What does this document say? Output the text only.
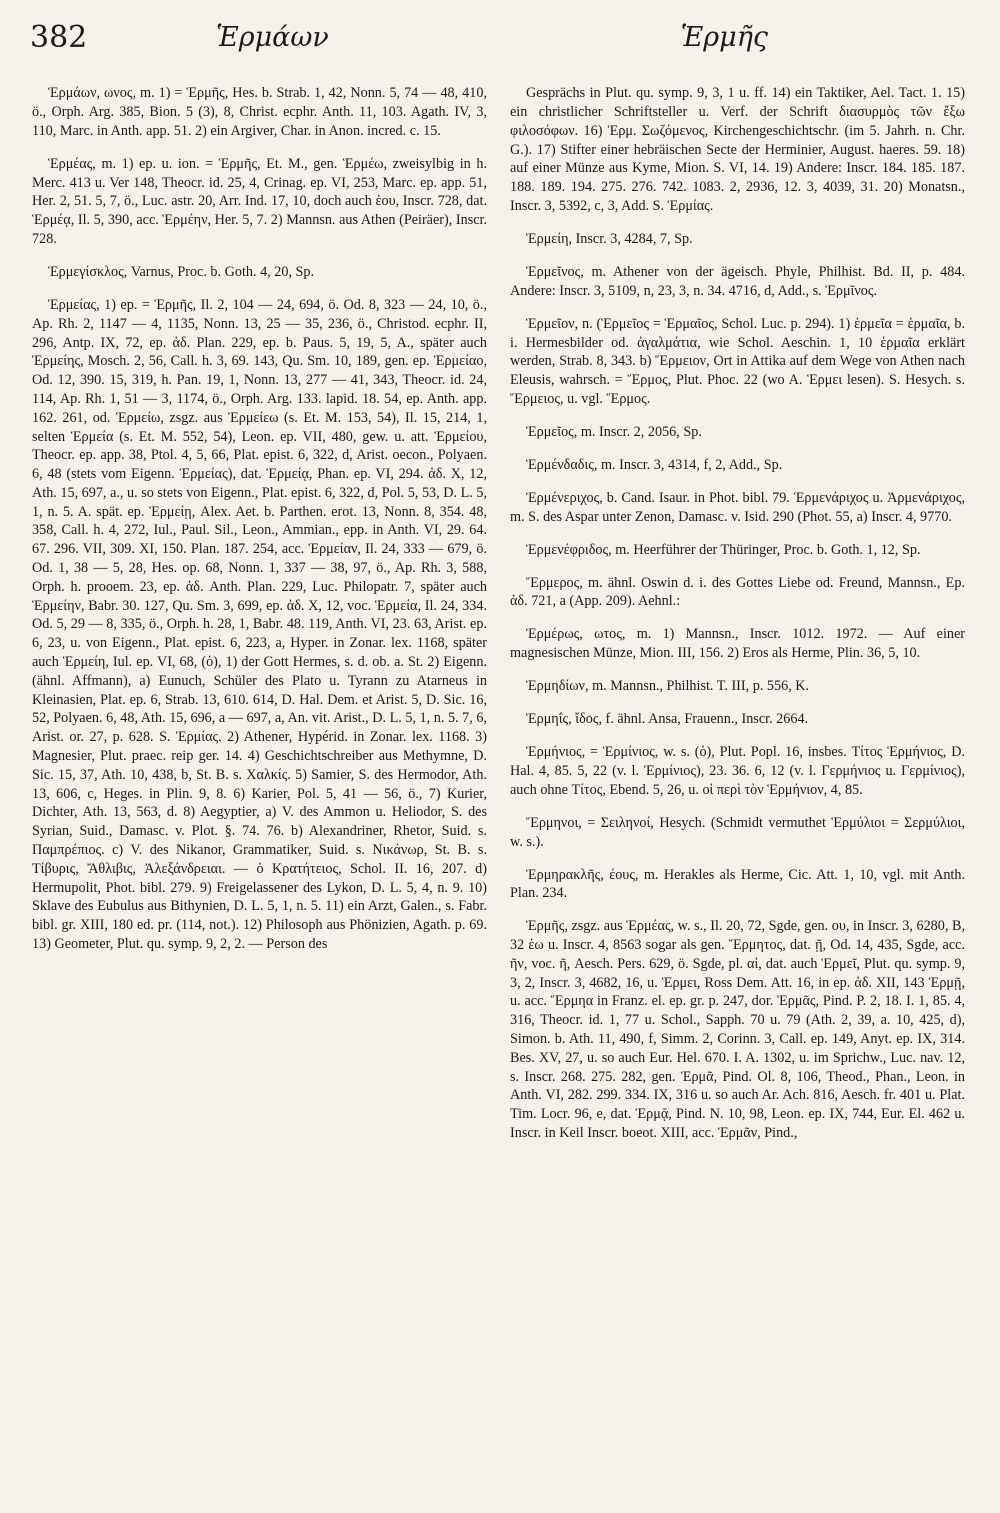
382	Ἑρμάων	Ἑρμῆς

Ἑρμάων, ωνος, m. 1) = Ἑρμῆς, Hes. b. Strab. 1, 42, Nonn. 5, 74 — 48, 410, ö., Orph. Arg. 385, Bion. 5 (3), 8, Christ. ecphr. Anth. 11, 103. Agath. IV, 3, 110, Marc. in Anth. app. 51. 2) ein Argiver, Char. in Anon. incred. c. 15.

Ἑρμέας, m. 1) ep. u. ion. = Ἑρμῆς, Et. M., gen. Ἑρμέω, zweisylbig in h. Merc. 413 u. Ver 148, Theocr. id. 25, 4, Crinag. ep. VI, 253, Marc. ep. app. 51, Her. 2, 51. 5, 7, ö., Luc. astr. 20, Arr. Ind. 17, 10, doch auch ἑου, Inscr. 728, dat. Ἑρμέᾳ, Il. 5, 390, acc. Ἑρμέην, Her. 5, 7. 2) Mannsn. aus Athen (Peiräer), Inscr. 728.

Ἑρμεγίσκλος, Varnus, Proc. b. Goth. 4, 20, Sp.

Ἑρμείας, 1) ep. = Ἑρμῆς, Il. 2, 104 — 24, 694, ö. Od. 8, 323 — 24, 10, ö., Ap. Rh. 2, 1147 — 4, 1135, Nonn. 13, 25 — 35, 236, ö., Christod. ecphr. II, 296, Antp. IX, 72, ep. ἀδ. Plan. 229, ep. b. Paus. 5, 19, 5, A., später auch Ἑρμείης, Mosch. 2, 56, Call. h. 3, 69. 143, Qu. Sm. 10, 189, gen. ep. Ἑρμείαο, Od. 12, 390. 15, 319, h. Pan. 19, 1, Nonn. 13, 277 — 41, 343, Theocr. id. 24, 114, Ap. Rh. 1, 51 — 3, 1174, ö., Orph. Arg. 133. lapid. 18. 54, ep. Anth. app. 162. 261, od. Ἑρμείω, zsgz. aus Ἑρμείεω (s. Et. M. 153, 54), Il. 15, 214, 1, selten Ἑρμεία (s. Et. M. 552, 54), Leon. ep. VII, 480, gew. u. att. Ἑρμείου, Theocr. ep. app. 38, Ptol. 4, 5, 66, Plat. epist. 6, 322, d, Arist. oecon., Polyaen. 6, 48 (stets vom Eigenn. Ἑρμείας), dat. Ἑρμείᾳ, Phan. ep. VI, 294. ἀδ. X, 12, Ath. 15, 697, a., u. so stets von Eigenn., Plat. epist. 6, 322, d, Pol. 5, 53, D. L. 5, 1, n. 5. A. spät. ep. Ἑρμείῃ, Alex. Aet. b. Parthen. erot. 13, Nonn. 8, 354. 48, 358, Call. h. 4, 272, Iul., Paul. Sil., Leon., Ammian., epp. in Anth. VI, 29. 64. 67. 296. VII, 309. XI, 150. Plan. 187. 254, acc. Ἑρμείαν, Il. 24, 333 — 679, ö. Od. 1, 38 — 5, 28, Hes. op. 68, Nonn. 1, 337 — 38, 97, ö., Ap. Rh. 3, 588, Orph. h. prooem. 23, ep. ἀδ. Anth. Plan. 229, Luc. Philopatr. 7, später auch Ἑρμείην, Babr. 30. 127, Qu. Sm. 3, 699, ep. ἀδ. X, 12, voc. Ἑρμεία, Il. 24, 334. Od. 5, 29 — 8, 335, ö., Orph. h. 28, 1, Babr. 48. 119, Anth. VI, 23. 63, Arist. ep. 6, 23, u. von Eigenn., Plat. epist. 6, 223, a, Hyper. in Zonar. lex. 1168, später auch Ἑρμείη, Iul. ep. VI, 68, (ὁ), 1) der Gott Hermes, s. d. ob. a. St. 2) Eigenn. (ähnl. Affmann), a) Eunuch, Schüler des Plato u. Tyrann zu Atarneus in Kleinasien, Plat. ep. 6, Strab. 13, 610. 614, D. Hal. Dem. et Arist. 5, D. Sic. 16, 52, Polyaen. 6, 48, Ath. 15, 696, a — 697, a, An. vit. Arist., D. L. 5, 1, n. 5. 7, 6, Arist. or. 27, p. 628. S. Ἑρμίας. 2) Athener, Hypérid. in Zonar. lex. 1168. 3) Magnesier, Plut. praec. reip ger. 14. 4) Geschichtschreiber aus Methymne, D. Sic. 15, 37, Ath. 10, 438, b, St. B. s. Χαλκίς. 5) Samier, S. des Hermodor, Ath. 13, 606, c, Heges. in Plin. 9, 8. 6) Karier, Pol. 5, 41 — 56, ö., 7) Kurier, Dichter, Ath. 13, 563, d. 8) Aegyptier, a) V. des Ammon u. Heliodor, S. des Syrian, Suid., Damasc. v. Plot. §. 74. 76. b) Alexandriner, Rhetor, Suid. s. Παμπρέπιος. c) V. des Nikanor, Grammatiker, Suid. s. Νικάνωρ, St. B. s. Τίβυρις, Ἄθλιβις, Ἀλεξάνδρειαι. — ὁ Κρατήτειος, Schol. II. 16, 207. d) Hermupolit, Phot. bibl. 279. 9) Freigelassener des Lykon, D. L. 5, 4, n. 9. 10) Sklave des Eubulus aus Bithynien, D. L. 5, 1, n. 5. 11) ein Arzt, Galen., s. Fabr. bibl. gr. XIII, 180 ed. pr. (114, not.). 12) Philosoph aus Phönizien, Agath. p. 69. 13) Geometer, Plut. qu. symp. 9, 2, 2. — Person des

Gesprächs in Plut. qu. symp. 9, 3, 1 u. ff. 14) ein Taktiker, Ael. Tact. 1. 15) ein christlicher Schriftsteller u. Verf. der Schrift διασυρμὸς τῶν ἔξω φιλοσόφων. 16) Ἑρμ. Σωζόμενος, Kirchengeschichtschr. (im 5. Jahrh. n. Chr. G.). 17) Stifter einer hebräischen Secte der Herminier, August. haeres. 59. 18) auf einer Münze aus Kyme, Mion. S. VI, 14. 19) Andere: Inscr. 184. 185. 187. 188. 189. 194. 275. 276. 742. 1083. 2, 2936, 12. 3, 4039, 31. 20) Monatsn., Inscr. 3, 5392, c, 3, Add. S. Ἑρμίας.

Ἑρμείη, Inscr. 3, 4284, 7, Sp.

Ἑρμεῖνος, m. Athener von der ägeisch. Phyle, Philhist. Bd. II, p. 484. Andere: Inscr. 3, 5109, n, 23, 3, n. 34. 4716, d, Add., s. Ἑρμῖνος.

Ἑρμεῖον, n. (Ἑρμεῖος = Ἑρμαῖος, Schol. Luc. p. 294). 1) ἑρμεῖα = ἑρμαῖα, b. i. Hermesbilder od. ἀγαλμάτια, wie Schol. Aeschin. 1, 10 ἑρμαῖα erklärt werden, Strab. 8, 343. b) Ἕρμειον, Ort in Attika auf dem Wege von Athen nach Eleusis, wahrsch. = Ἕρμος, Plut. Phoc. 22 (wo A. Ἑρμει lesen). S. Hesych. s. Ἕρμειος, u. vgl. Ἕρμος.

Ἑρμεῖος, m. Inscr. 2, 2056, Sp.

Ἑρμένδαδις, m. Inscr. 3, 4314, f, 2, Add., Sp.

Ἑρμένεριχος, b. Cand. Isaur. in Phot. bibl. 79. Ἑρμενάριχος u. Ἀρμενάριχος, m. S. des Aspar unter Zenon, Damasc. v. Isid. 290 (Phot. 55, a) Inscr. 4, 9770.

Ἑρμενέφριδος, m. Heerführer der Thüringer, Proc. b. Goth. 1, 12, Sp.

Ἕρμερος, m. ähnl. Oswin d. i. des Gottes Liebe od. Freund, Mannsn., Ep. ἀδ. 721, a (App. 209). Aehnl.:

Ἑρμέρως, ωτος, m. 1) Mannsn., Inscr. 1012. 1972. — Auf einer magnesischen Münze, Mion. III, 156. 2) Eros als Herme, Plin. 36, 5, 10.

Ἑρμηδίων, m. Mannsn., Philhist. T. III, p. 556, K.

Ἑρμηΐς, ἴδος, f. ähnl. Ansa, Frauenn., Inscr. 2664.

Ἑρμήνιος, = Ἑρμίνιος, w. s. (ὁ), Plut. Popl. 16, insbes. Τίτος Ἑρμήνιος, D. Hal. 4, 85. 5, 22 (v. l. Ἑρμίνιος), 23. 36. 6, 12 (v. l. Γερμήνιος u. Γερμίνιος), auch ohne Τίτος, Ebend. 5, 26, u. οἱ περὶ τὸν Ἑρμήνιον, 4, 85.

Ἕρμηνοι, = Σειληνοί, Hesych. (Schmidt vermuthet Ἑρμύλιοι = Σερμύλιοι, w. s.).

Ἑρμηρακλῆς, έους, m. Herakles als Herme, Cic. Att. 1, 10, vgl. mit Anth. Plan. 234.

Ἑρμῆς, zsgz. aus Ἑρμέας, w. s., Il. 20, 72, Sgde, gen. ου, in Inscr. 3, 6280, B, 32 ἑω u. Inscr. 4, 8563 sogar als gen. Ἕρμητος, dat. ῇ, Od. 14, 435, Sgde, acc. ῆν, voc. ῆ, Aesch. Pers. 629, ö. Sgde, pl. αἱ, dat. auch Ἑρμεῖ, Plut. qu. symp. 9, 3, 2, Inscr. 3, 4682, 16, u. Ἑρμει, Ross Dem. Att. 16, in ep. ἀδ. XII, 143 Ἑρμῇ, u. acc. Ἕρμηα in Franz. el. ep. gr. p. 247, dor. Ἑρμᾶς, Pind. P. 2, 18. I. 1, 85. 4, 316, Theocr. id. 1, 77 u. Schol., Sapph. 70 u. 79 (Ath. 2, 39, a. 10, 425, d), Simon. b. Ath. 11, 490, f, Simm. 2, Corinn. 3, Call. ep. 149, Anyt. ep. IX, 314. Bes. XV, 27, u. so auch Eur. Hel. 670. I. A. 1302, u. im Sprichw., Luc. nav. 12, s. Inscr. 268. 275. 282, gen. Ἑρμᾶ, Pind. Ol. 8, 106, Theod., Phan., Leon. in Anth. VI, 282. 299. 334. IX, 316 u. so auch Ar. Ach. 816, Aesch. fr. 401 u. Plat. Tim. Locr. 96, e, dat. Ἑρμᾷ, Pind. N. 10, 98, Leon. ep. IX, 744, Eur. El. 462 u. Inscr. in Keil Inscr. boeot. XIII, acc. Ἑρμᾶν, Pind.,
